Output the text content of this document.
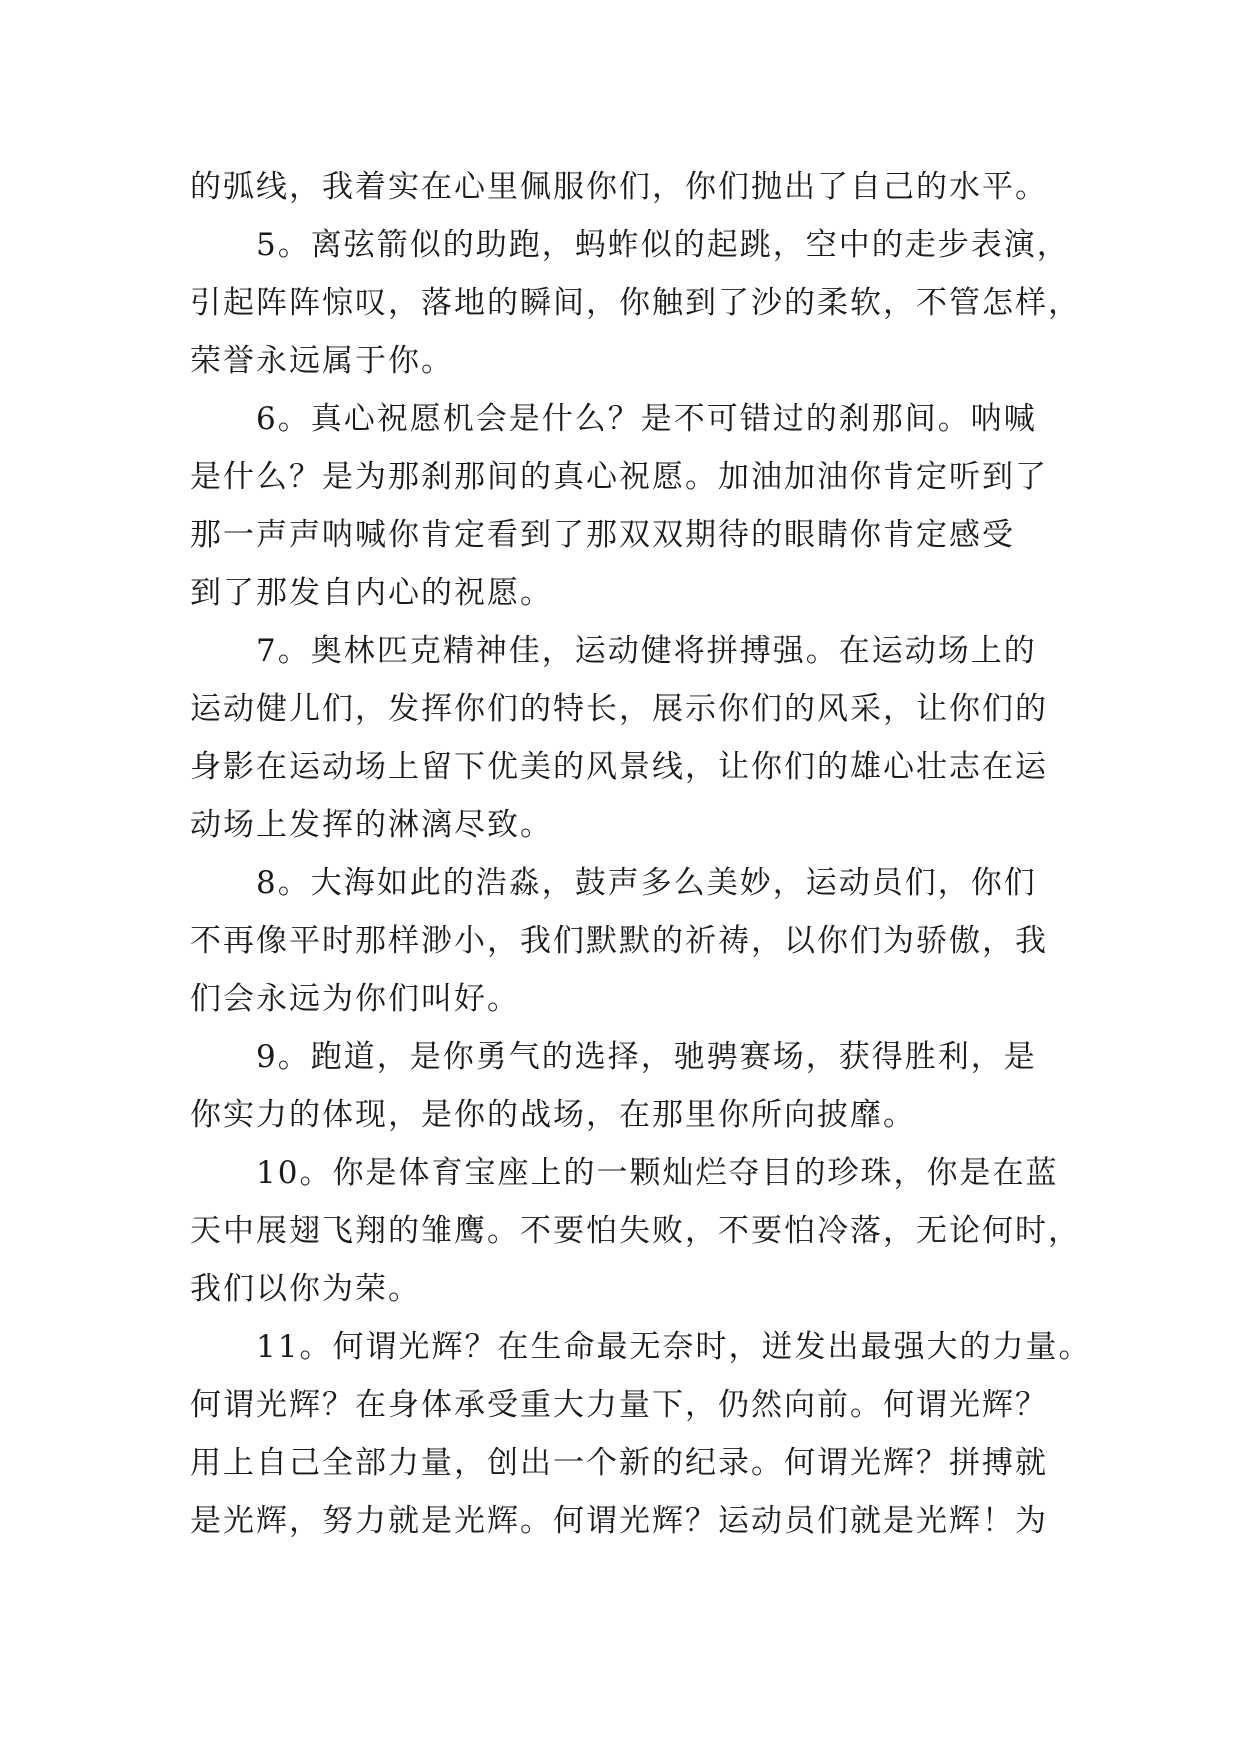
的弧线，我着实在心里佩服你们，你们抛出了自己的水平。
　　5。离弦箭似的助跑，蚂蚱似的起跳，空中的走步表演，
引起阵阵惊叹，落地的瞬间，你触到了沙的柔软，不管怎样，
荣誉永远属于你。
　　6。真心祝愿机会是什么？是不可错过的刹那间。呐喊
是什么？是为那刹那间的真心祝愿。加油加油你肯定听到了
那一声声呐喊你肯定看到了那双双期待的眼睛你肯定感受
到了那发自内心的祝愿。
　　7。奥林匹克精神佳，运动健将拼搏强。在运动场上的
运动健儿们，发挥你们的特长，展示你们的风采，让你们的
身影在运动场上留下优美的风景线，让你们的雄心壮志在运
动场上发挥的淋漓尽致。
　　8。大海如此的浩淼，鼓声多么美妙，运动员们，你们
不再像平时那样渺小，我们默默的祈祷，以你们为骄傲，我
们会永远为你们叫好。
　　9。跑道，是你勇气的选择，驰骋赛场，获得胜利，是
你实力的体现，是你的战场，在那里你所向披靡。
　　10。你是体育宝座上的一颗灿烂夺目的珍珠，你是在蓝
天中展翅飞翔的雏鹰。不要怕失败，不要怕冷落，无论何时，
我们以你为荣。
　　11。何谓光辉？在生命最无奈时，迸发出最强大的力量。
何谓光辉？在身体承受重大力量下，仍然向前。何谓光辉？
用上自己全部力量，创出一个新的纪录。何谓光辉？拼搏就
是光辉，努力就是光辉。何谓光辉？运动员们就是光辉！为
